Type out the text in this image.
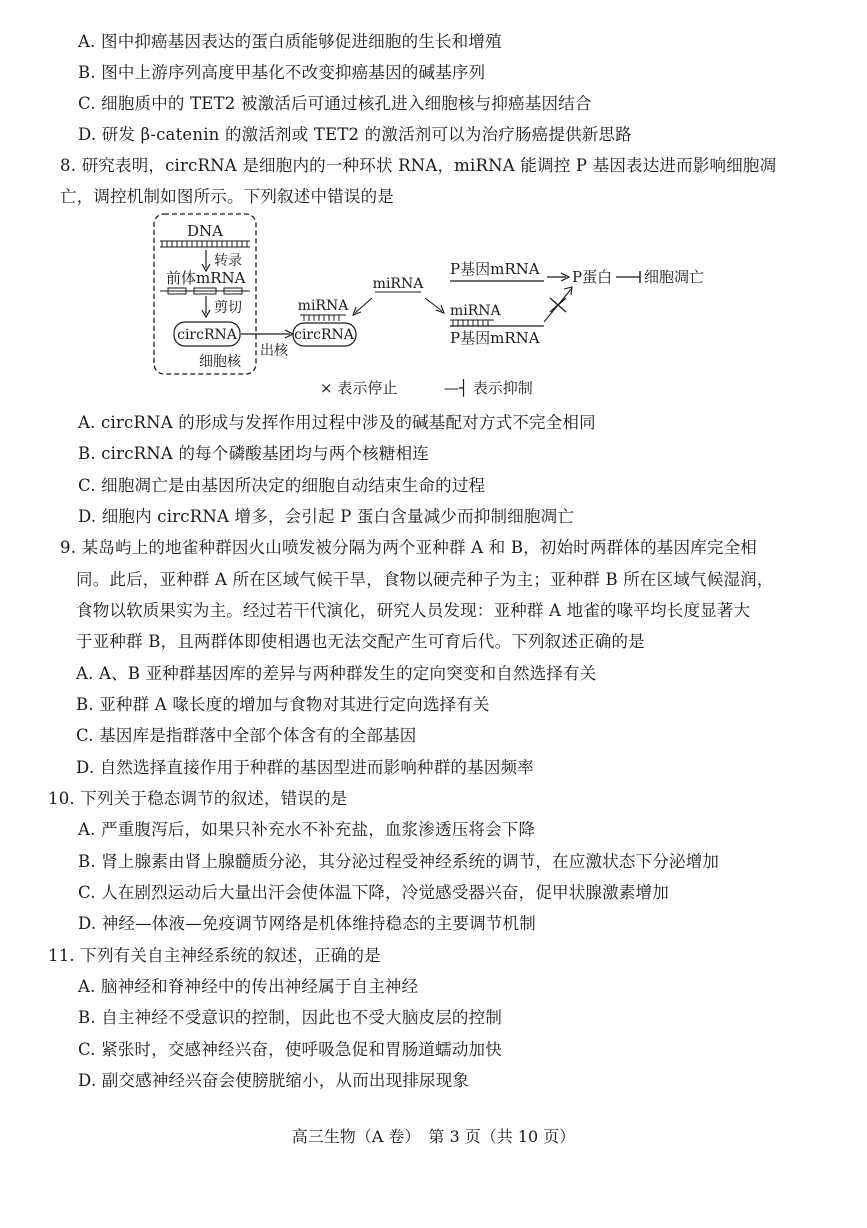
A. 图中抑癌基因表达的蛋白质能够促进细胞的生长和增殖
B. 图中上游序列高度甲基化不改变抑癌基因的碱基序列
C. 细胞质中的 TET2 被激活后可通过核孔进入细胞核与抑癌基因结合
D. 研发 β-catenin 的激活剂或 TET2 的激活剂可以为治疗肠癌提供新思路
8. 研究表明，circRNA 是细胞内的一种环状 RNA，miRNA 能调控 P 基因表达进而影响细胞凋
亡，调控机制如图所示。下列叙述中错误的是
DNA
转录
前体mRNA
剪切
circRNA
细胞核
出核
miRNA
circRNA
miRNA
P基因mRNA P蛋白 细胞凋亡
miRNA
P基因mRNA
× 表示停止	—┤ 表示抑制
A. circRNA 的形成与发挥作用过程中涉及的碱基配对方式不完全相同
B. circRNA 的每个磷酸基团均与两个核糖相连
C. 细胞凋亡是由基因所决定的细胞自动结束生命的过程
D. 细胞内 circRNA 增多，会引起 P 蛋白含量减少而抑制细胞凋亡
9. 某岛屿上的地雀种群因火山喷发被分隔为两个亚种群 A 和 B，初始时两群体的基因库完全相
同。此后，亚种群 A 所在区域气候干旱，食物以硬壳种子为主；亚种群 B 所在区域气候湿润，
食物以软质果实为主。经过若干代演化，研究人员发现：亚种群 A 地雀的喙平均长度显著大
于亚种群 B，且两群体即使相遇也无法交配产生可育后代。下列叙述正确的是
A. A、B 亚种群基因库的差异与两种群发生的定向突变和自然选择有关
B. 亚种群 A 喙长度的增加与食物对其进行定向选择有关
C. 基因库是指群落中全部个体含有的全部基因
D. 自然选择直接作用于种群的基因型进而影响种群的基因频率
10. 下列关于稳态调节的叙述，错误的是
A. 严重腹泻后，如果只补充水不补充盐，血浆渗透压将会下降
B. 肾上腺素由肾上腺髓质分泌，其分泌过程受神经系统的调节，在应激状态下分泌增加
C. 人在剧烈运动后大量出汗会使体温下降，冷觉感受器兴奋，促甲状腺激素增加
D. 神经—体液—免疫调节网络是机体维持稳态的主要调节机制
11. 下列有关自主神经系统的叙述，正确的是
A. 脑神经和脊神经中的传出神经属于自主神经
B. 自主神经不受意识的控制，因此也不受大脑皮层的控制
C. 紧张时，交感神经兴奋，使呼吸急促和胃肠道蠕动加快
D. 副交感神经兴奋会使膀胱缩小，从而出现排尿现象
高三生物（A 卷）　第 3 页（共 10 页）
